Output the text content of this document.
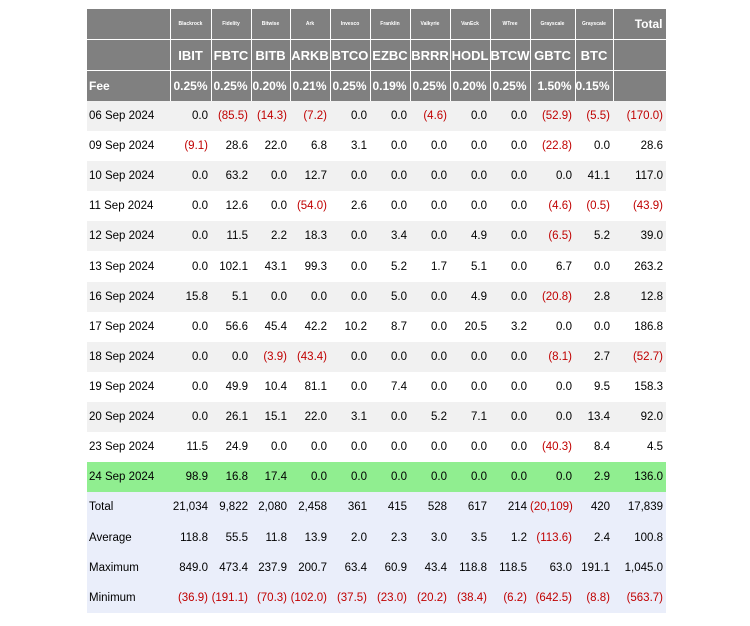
	Blackrock	Fidelity	Bitwise	Ark	Invesco	Franklin	Valkyrie	VanEck	WTree	Grayscale	Grayscale	Total
	IBIT	FBTC	BITB	ARKB	BTCO	EZBC	BRRR	HODL	BTCW	GBTC	BTC	
Fee	0.25%	0.25%	0.20%	0.21%	0.25%	0.19%	0.25%	0.20%	0.25%	1.50%	0.15%	
06 Sep 2024	0.0	(85.5)	(14.3)	(7.2)	0.0	0.0	(4.6)	0.0	0.0	(52.9)	(5.5)	(170.0)
09 Sep 2024	(9.1)	28.6	22.0	6.8	3.1	0.0	0.0	0.0	0.0	(22.8)	0.0	28.6
10 Sep 2024	0.0	63.2	0.0	12.7	0.0	0.0	0.0	0.0	0.0	0.0	41.1	117.0
11 Sep 2024	0.0	12.6	0.0	(54.0)	2.6	0.0	0.0	0.0	0.0	(4.6)	(0.5)	(43.9)
12 Sep 2024	0.0	11.5	2.2	18.3	0.0	3.4	0.0	4.9	0.0	(6.5)	5.2	39.0
13 Sep 2024	0.0	102.1	43.1	99.3	0.0	5.2	1.7	5.1	0.0	6.7	0.0	263.2
16 Sep 2024	15.8	5.1	0.0	0.0	0.0	5.0	0.0	4.9	0.0	(20.8)	2.8	12.8
17 Sep 2024	0.0	56.6	45.4	42.2	10.2	8.7	0.0	20.5	3.2	0.0	0.0	186.8
18 Sep 2024	0.0	0.0	(3.9)	(43.4)	0.0	0.0	0.0	0.0	0.0	(8.1)	2.7	(52.7)
19 Sep 2024	0.0	49.9	10.4	81.1	0.0	7.4	0.0	0.0	0.0	0.0	9.5	158.3
20 Sep 2024	0.0	26.1	15.1	22.0	3.1	0.0	5.2	7.1	0.0	0.0	13.4	92.0
23 Sep 2024	11.5	24.9	0.0	0.0	0.0	0.0	0.0	0.0	0.0	(40.3)	8.4	4.5
24 Sep 2024	98.9	16.8	17.4	0.0	0.0	0.0	0.0	0.0	0.0	0.0	2.9	136.0
Total	21,034	9,822	2,080	2,458	361	415	528	617	214	(20,109)	420	17,839
Average	118.8	55.5	11.8	13.9	2.0	2.3	3.0	3.5	1.2	(113.6)	2.4	100.8
Maximum	849.0	473.4	237.9	200.7	63.4	60.9	43.4	118.8	118.5	63.0	191.1	1,045.0
Minimum	(36.9)	(191.1)	(70.3)	(102.0)	(37.5)	(23.0)	(20.2)	(38.4)	(6.2)	(642.5)	(8.8)	(563.7)
